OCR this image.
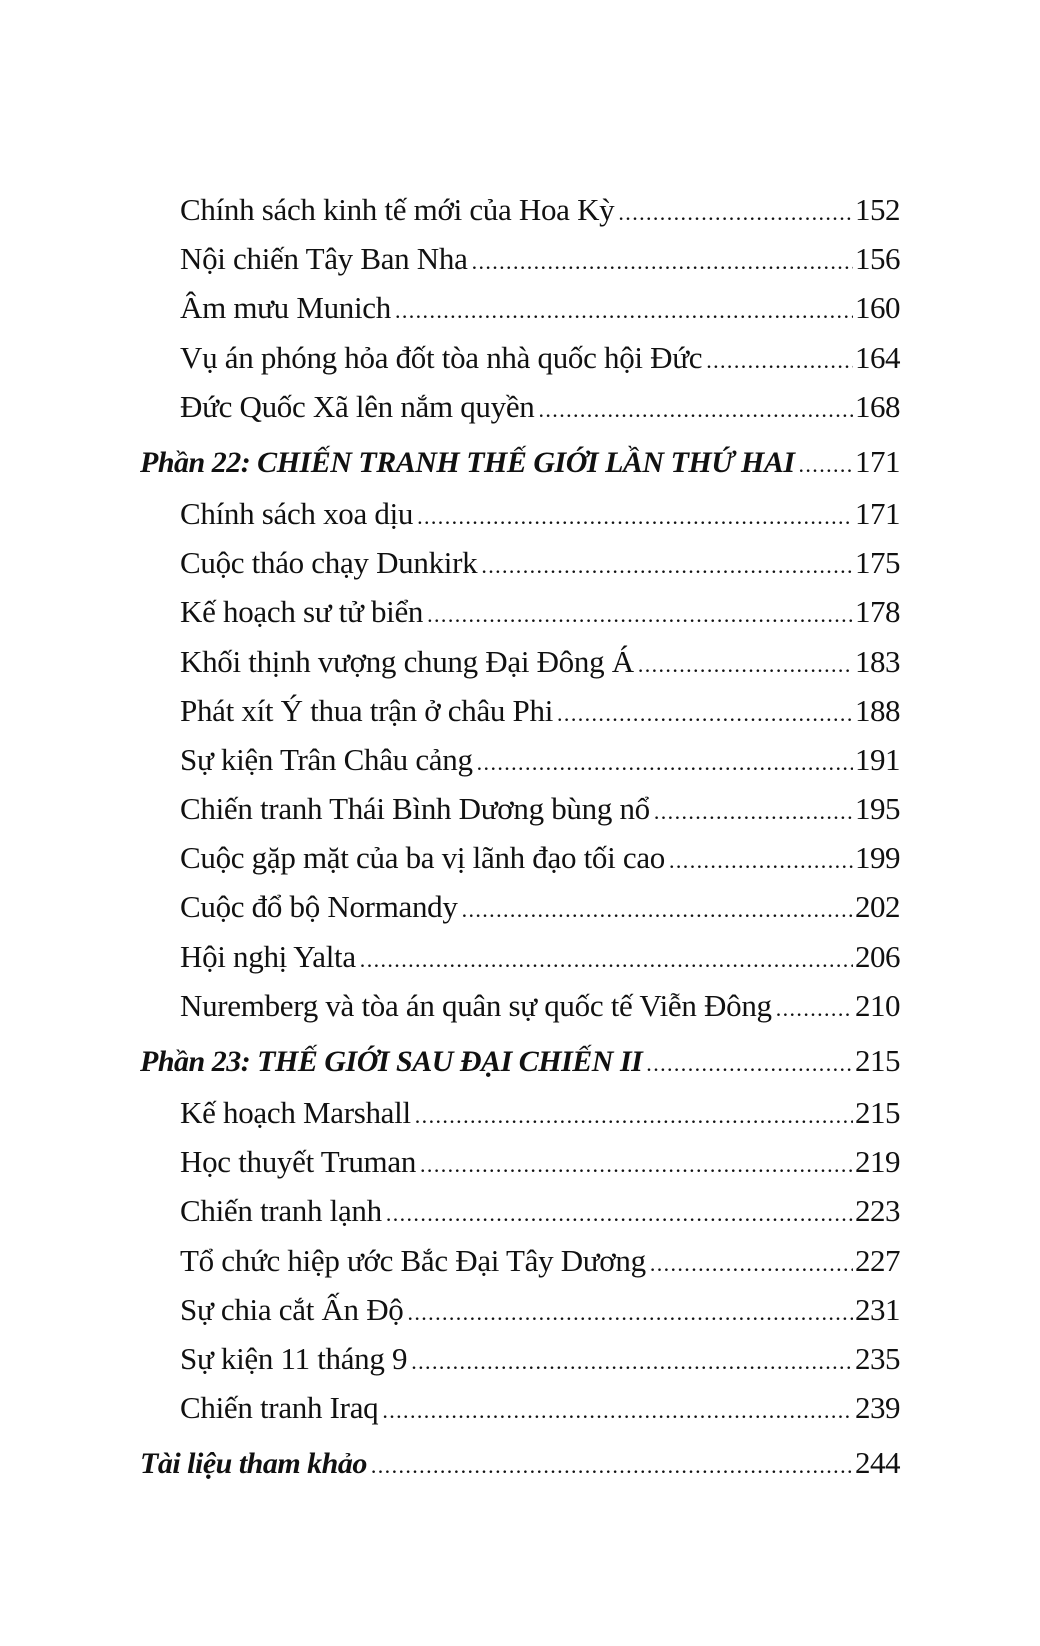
Chính sách kinh tế mới của Hoa Kỳ .....	152
Nội chiến Tây Ban Nha .....	156
Âm mưu Munich .....	160
Vụ án phóng hỏa đốt tòa nhà quốc hội Đức .....	164
Đức Quốc Xã lên nắm quyền .....	168
Phần 22: CHIẾN TRANH THẾ GIỚI LẦN THỨ HAI ..... 171
Chính sách xoa dịu .....	171
Cuộc tháo chạy Dunkirk .....	175
Kế hoạch sư tử biển .....	178
Khối thịnh vượng chung Đại Đông Á .....	183
Phát xít Ý thua trận ở châu Phi .....	188
Sự kiện Trân Châu cảng .....	191
Chiến tranh Thái Bình Dương bùng nổ .....	195
Cuộc gặp mặt của ba vị lãnh đạo tối cao .....	199
Cuộc đổ bộ Normandy .....	202
Hội nghị Yalta .....	206
Nuremberg và tòa án quân sự quốc tế Viễn Đông .....	210
Phần 23: THẾ GIỚI SAU ĐẠI CHIẾN II .....	215
Kế hoạch Marshall .....	215
Học thuyết Truman .....	219
Chiến tranh lạnh .....	223
Tổ chức hiệp ước Bắc Đại Tây Dương .....	227
Sự chia cắt Ấn Độ .....	231
Sự kiện 11 tháng 9 .....	235
Chiến tranh Iraq .....	239
Tài liệu tham khảo .....	244
